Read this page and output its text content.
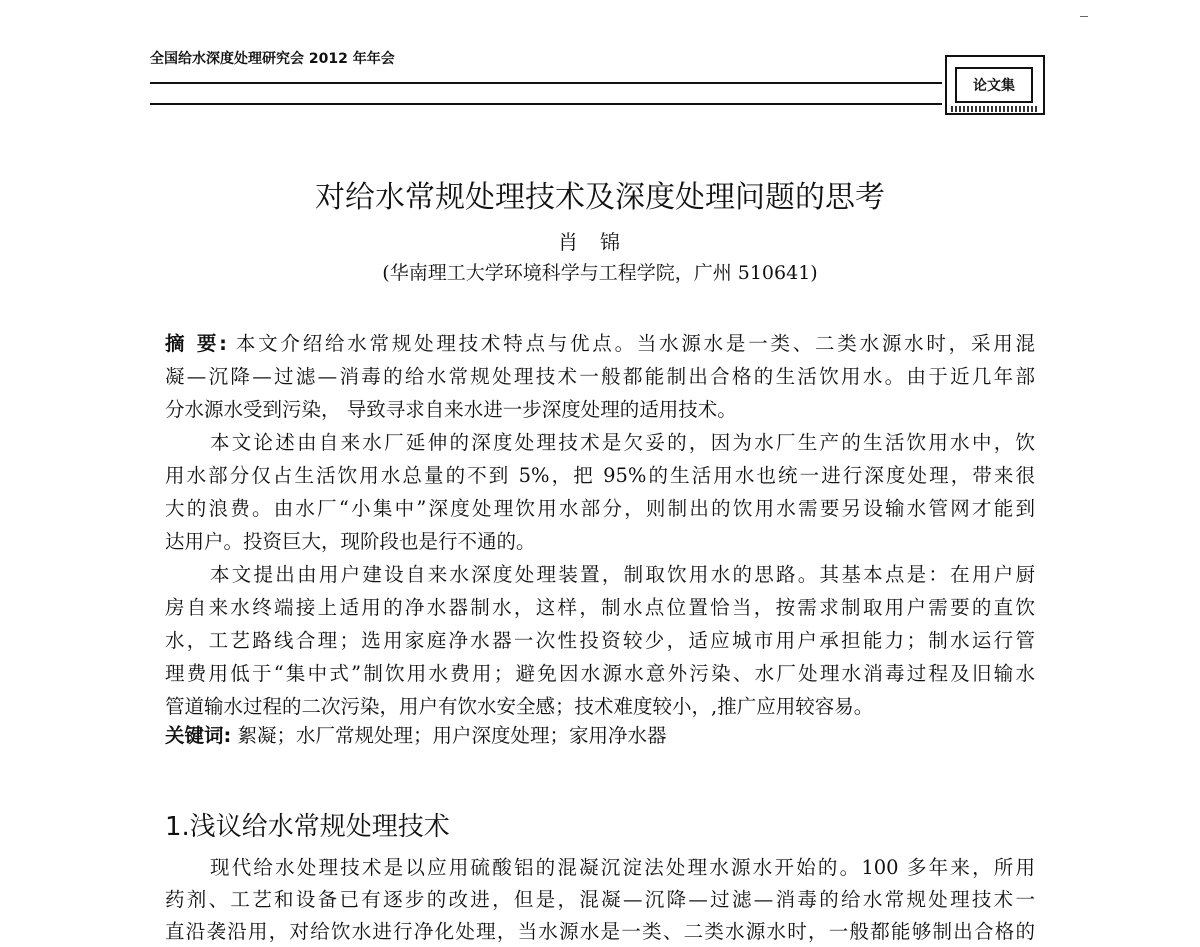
全国给水深度处理研究会 2012 年年会
论文集
对给水常规处理技术及深度处理问题的思考
肖锦
(华南理工大学环境科学与工程学院，广州 510641)
摘 要: 本文介绍给水常规处理技术特点与优点。当水源水是一类、二类水源水时，采用混
凝—沉降—过滤—消毒的给水常规处理技术一般都能制出合格的生活饮用水。由于近几年部
分水源水受到污染， 导致寻求自来水进一步深度处理的适用技术。
本文论述由自来水厂延伸的深度处理技术是欠妥的，因为水厂生产的生活饮用水中，饮
用水部分仅占生活饮用水总量的不到 5%，把 95%的生活用水也统一进行深度处理，带来很
大的浪费。由水厂“小集中”深度处理饮用水部分，则制出的饮用水需要另设输水管网才能到
达用户。投资巨大，现阶段也是行不通的。
本文提出由用户建设自来水深度处理装置，制取饮用水的思路。其基本点是：在用户厨
房自来水终端接上适用的净水器制水，这样，制水点位置恰当，按需求制取用户需要的直饮
水，工艺路线合理；选用家庭净水器一次性投资较少，适应城市用户承担能力；制水运行管
理费用低于“集中式”制饮用水费用；避免因水源水意外污染、水厂处理水消毒过程及旧输水
管道输水过程的二次污染，用户有饮水安全感；技术难度较小，,推广应用较容易。
关键词: 絮凝；水厂常规处理；用户深度处理；家用净水器
1.浅议给水常规处理技术
现代给水处理技术是以应用硫酸铝的混凝沉淀法处理水源水开始的。100 多年来，所用
药剂、工艺和设备已有逐步的改进，但是，混凝—沉降—过滤—消毒的给水常规处理技术一
直沿袭沿用，对给饮水进行净化处理，当水源水是一类、二类水源水时，一般都能够制出合格的
